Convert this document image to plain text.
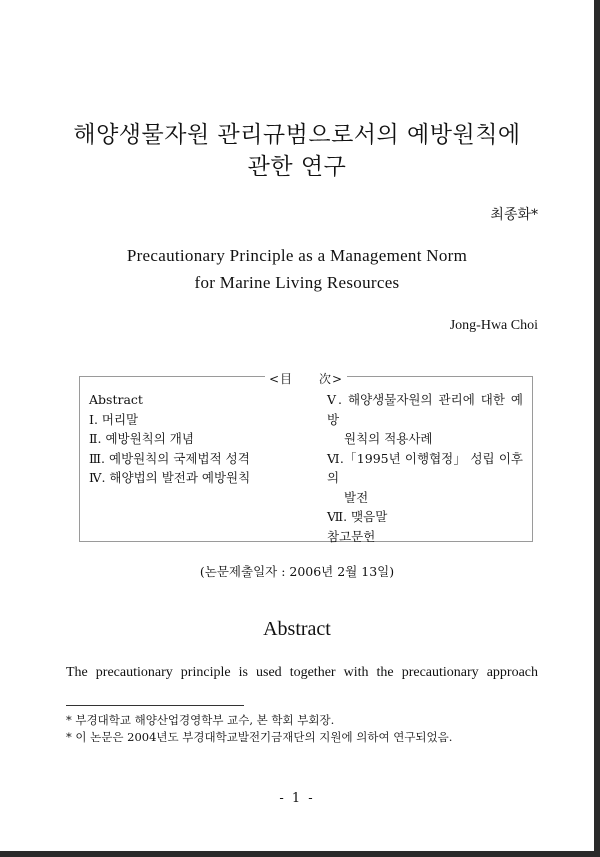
해양생물자원 관리규범으로서의 예방원칙에
관한 연구
최종화*
Precautionary Principle as a Management Norm
for Marine Living Resources
Jong-Hwa Choi
<目　　次>
Abstract
Ⅰ. 머리말
Ⅱ. 예방원칙의 개념
Ⅲ. 예방원칙의 국제법적 성격
Ⅳ. 해양법의 발전과 예방원칙
Ⅴ. 해양생물자원의 관리에 대한 예방
원칙의 적용사례
Ⅵ.「1995년 이행협정」 성립 이후의
발전
Ⅶ. 맺음말
참고문헌
(논문제출일자 : 2006년 2월 13일)
Abstract
The precautionary principle is used together with the precautionary approach
* 부경대학교 해양산업경영학부 교수, 본 학회 부회장.
* 이 논문은 2004년도 부경대학교발전기금재단의 지원에 의하여 연구되었음.
- 1 -
